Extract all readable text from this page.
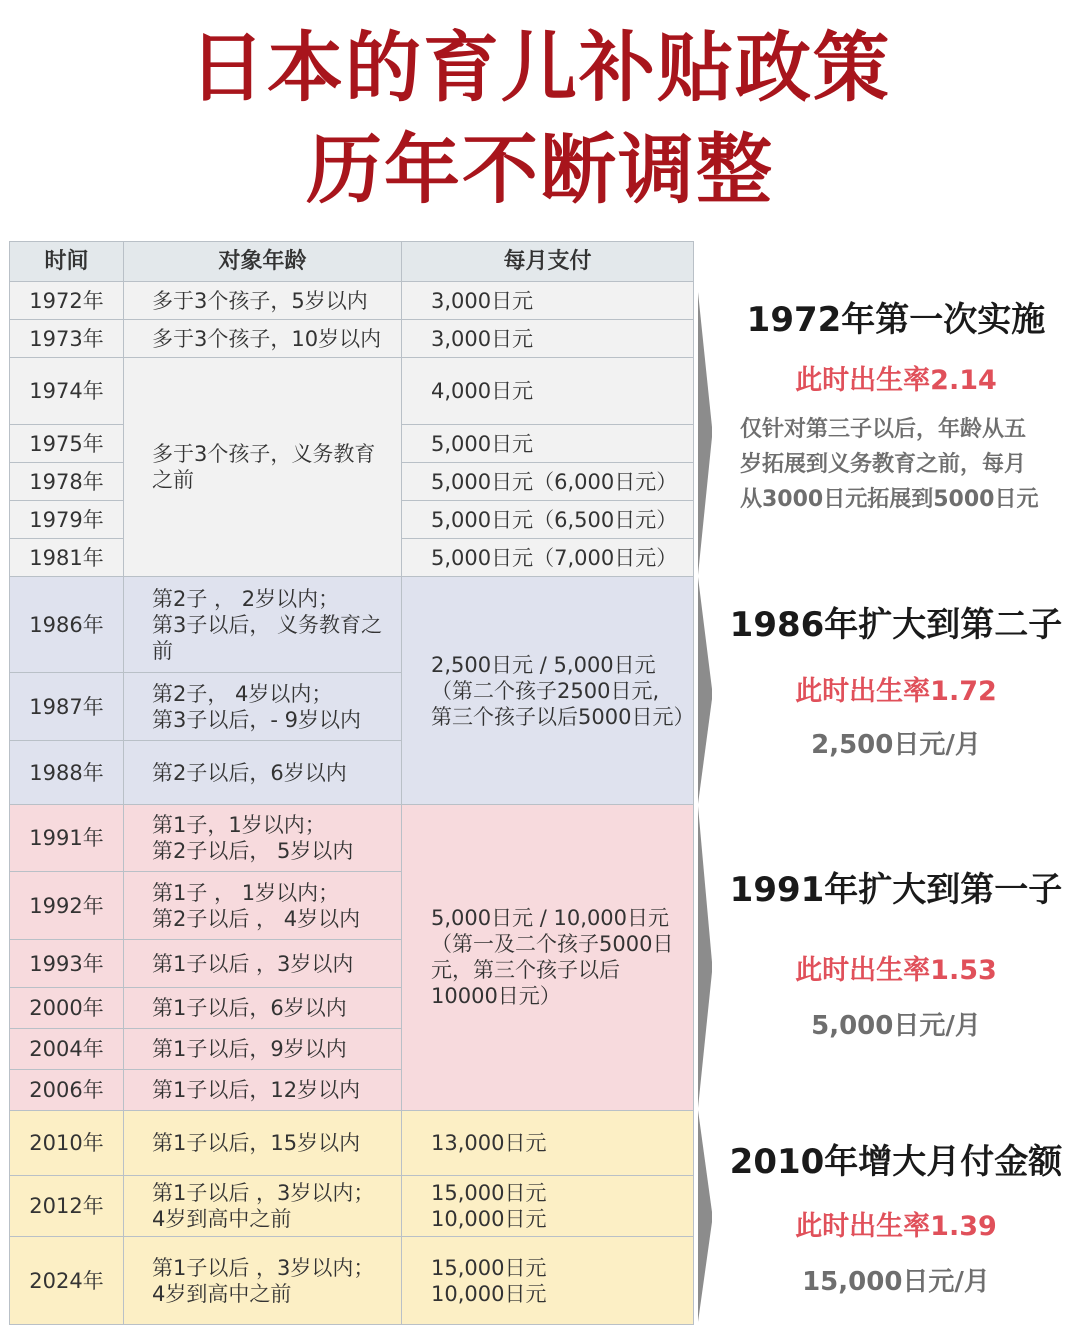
日本的育儿补贴政策
历年不断调整
时间	对象年龄	每月支付
1972年
1973年
1974年
1975年
1978年
1979年
1981年
1986年
1987年
1988年
1991年
1992年
1993年
2000年
2004年
2006年
2010年
2012年
2024年
多于3个孩子，5岁以内
多于3个孩子，10岁以内
多于3个孩子，义务教育
之前
第2子 ， 2岁以内；
第3子以后， 义务教育之
前
第2子， 4岁以内；
第3子以后，- 9岁以内
第2子以后，6岁以内
第1子，1岁以内；
第2子以后， 5岁以内
第1子 ， 1岁以内；
第2子以后 ， 4岁以内
第1子以后 ，3岁以内
第1子以后，6岁以内
第1子以后，9岁以内
第1子以后，12岁以内
第1子以后，15岁以内
第1子以后 ，3岁以内；
4岁到高中之前
第1子以后 ，3岁以内；
4岁到高中之前
3,000日元
3,000日元
4,000日元
5,000日元
5,000日元（6,000日元）
5,000日元（6,500日元）
5,000日元（7,000日元）
2,500日元 / 5,000日元
（第二个孩子2500日元,
第三个孩子以后5000日元）
5,000日元 / 10,000日元
（第一及二个孩子5000日
元，第三个孩子以后
10000日元）
13,000日元
15,000日元
10,000日元
15,000日元
10,000日元
1972年第一次实施
此时出生率2.14
仅针对第三子以后，年龄从五
岁拓展到义务教育之前，每月
从3000日元拓展到5000日元
1986年扩大到第二子
此时出生率1.72
2,500日元/月
1991年扩大到第一子
此时出生率1.53
5,000日元/月
2010年增大月付金额
此时出生率1.39
15,000日元/月
